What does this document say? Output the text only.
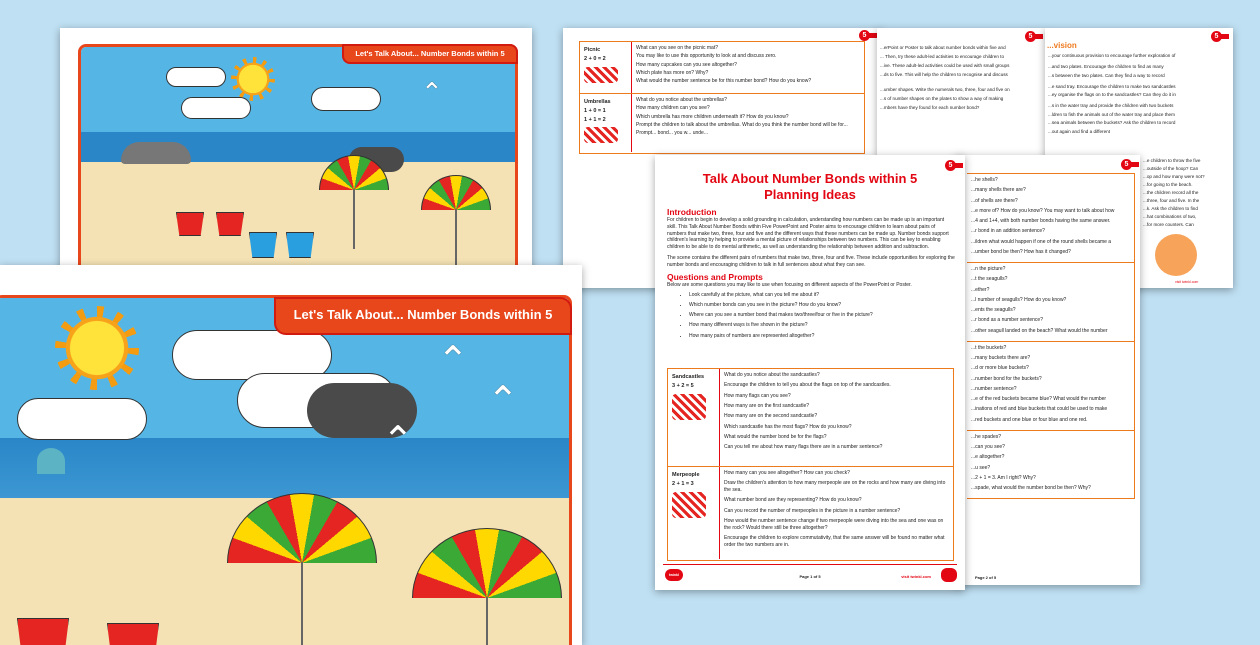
⌃
Let's Talk About... Number Bonds within 5
5
Picnic
2 + 0 = 2
What can you see on the picnic mat?
You may like to use this opportunity to look at and discuss zero.
How many cupcakes can you see altogether?
Which plate has more on? Why?
What would the number sentence be for this number bond? How do you know?
Umbrellas
1 + 0 = 1
1 + 1 = 2
What do you notice about the umbrellas?
How many children can you see?
Which umbrella has more children underneath it? How do you know?
Prompt the children to talk about the umbrellas. What do you think the number bond will be for...
Prompt... bond... you w... unde...
5
...erPoint or Poster to talk about number bonds within five and
... Then, try these adult-led activities to encourage children to
...ive. These adult-led activities could be used with small groups
...ds to five. This will help the children to recognise and discuss
...umber shapes. Write the numerals two, three, four and five on
...s of number shapes on the plates to show a way of making
...mbers have they found for each number bond?
5
...vision
...your continuous provision to encourage further exploration of
...and two plates. Encourage the children to find as many
...s between the two plates. Can they find a way to record
...e sand tray. Encourage the children to make two sandcastles
...ey organise the flags on to the sandcastles? Can they do it in
...s in the water tray and provide the children with two buckets
...ldren to fish the animals out of the water tray and place them
...sea animals between the buckets? Ask the children to record
...out again and find a different
...e children to throw the five
...outside of the hoop? Can
...op and how many were not?
...for going to the beach.
...the children record all the
...three, four and five. In the
...k. Ask the children to find
...hat combinations of two,
...for more counters. Can
visit twinkl.com
5
...he shells?
...many shells there are?
...of shells are there?
...e more of? How do you know? You may want to talk about how
...4 and 1+4, with both number bonds having the same answer.
...r bond in an addition sentence?
...ildren what would happen if one of the round shells became a
...umber bond be then? How has it changed?
...n the picture?
...t the seagulls?
...ether?
...l number of seagulls? How do you know?
...ents the seagulls?
...r bond as a number sentence?
...other seagull landed on the beach? What would the number
...t the buckets?
...many buckets there are?
...d or more blue buckets?
...number bond for the buckets?
...number sentence?
...e of the red buckets became blue? What would the number
...inations of red and blue buckets that could be used to make
...red buckets and one blue or four blue and one red.
...he spades?
...can you see?
...e altogether?
...u see?
...2 + 1 = 3. Am I right? Why?
...spade, what would the number bond be then? Why?
Page 2 of 5
⌃
⌃
⌃
Let's Talk About... Number Bonds within 5
5
Talk About Number Bonds within 5
Planning Ideas
Introduction

For children to begin to develop a solid grounding in calculation, understanding how numbers can be made up is an important skill. This Talk About Number Bonds within Five PowerPoint and Poster aims to encourage children to learn about pairs of numbers that make two, three, four and five and the different ways that these numbers can be made up. Number bonds support children's learning by helping to provide a mental picture of relationships between two numbers. This can be key to enabling children to be able to do mental arithmetic, as well as understanding the relationship between addition and subtraction.

The scene contains the different pairs of numbers that make two, three, four and five. These include opportunities for exploring the number bonds and encouraging children to talk in full sentences about what they can see.

Questions and Prompts

Below are some questions you may like to use when focusing on different aspects of the PowerPoint or Poster.

• Look carefully at the picture, what can you tell me about it?
• Which number bonds can you see in the picture? How do you know?
• Where can you see a number bond that makes two/three/four or five in the picture?
• How many different ways is five shown in the picture?
• How many pairs of numbers are represented altogether?
Sandcastles
3 + 2 = 5
What do you notice about the sandcastles?
Encourage the children to tell you about the flags on top of the sandcastles.
How many flags can you see?
How many are on the first sandcastle?
How many are on the second sandcastle?
Which sandcastle has the most flags? How do you know?
What would the number bond be for the flags?
Can you tell me about how many flags there are in a number sentence?
Merpeople
2 + 1 = 3
How many can you see altogether? How can you check?
Draw the children's attention to how many merpeople are on the rocks and how many are diving into the sea.
What number bond are they representing? How do you know?
Can you record the number of merpeoples in the picture in a number sentence?
How would the number sentence change if two merpeople were diving into the sea and one was on the rock? Would there still be three altogether?
Encourage the children to explore commutativity, that the same answer will be found no matter what order the two numbers are in.
twinkl	Page 1 of 5	visit twinkl.com
